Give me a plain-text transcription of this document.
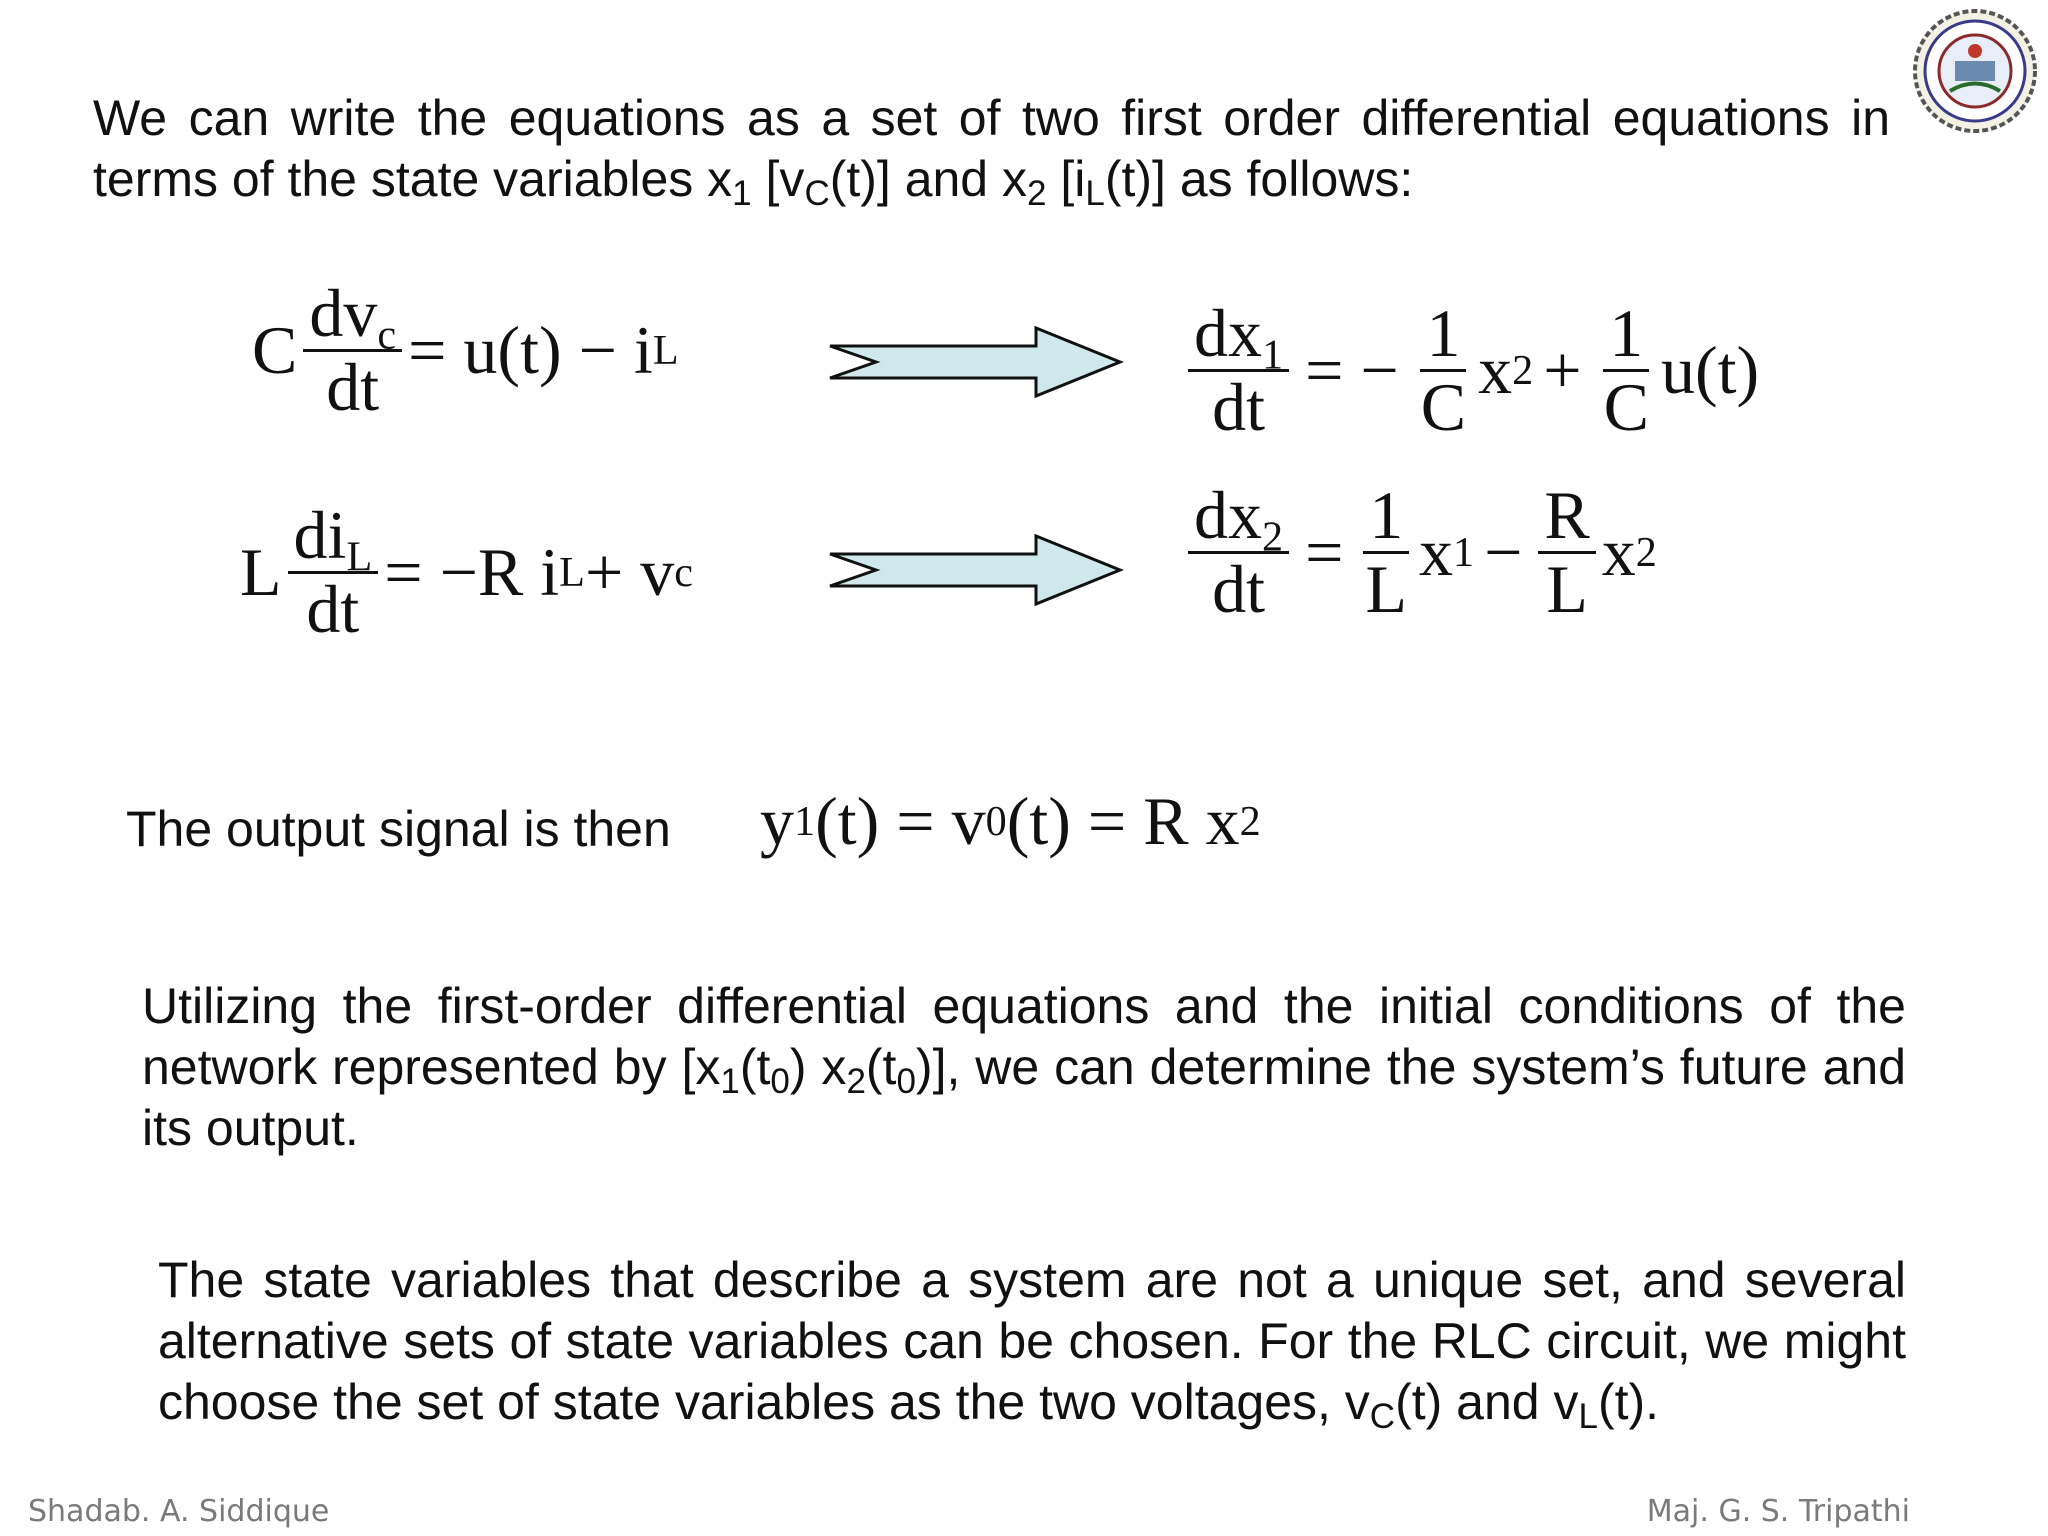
We can write the equations as a set of two first order differential equations in
terms of the state variables $x_1$ $[v_C(t)]$ and $x_2$ $[i_L(t)]$ as follows:
C $\frac{dv_c}{dt} = u(t) - i$ L	$\frac{dx_1}{dt}$ = − $\frac{1}{C}$ x $2 + \frac{1}{C} u(t)$
L $\frac{di_L}{dt} = -R$ i L + v c	$\frac{dx_2}{dt} = \frac{1}{L}$ x $1 - \frac{R}{L}$ x 2
The output signal is then y 1 (t) = v 0 (t) = R x 2
Utilizing the first-order differential equations and the initial conditions of the network represented by [$x_1(t_0)$ $x_2(t_0)$], we can determine the system’s future and its output.
The state variables that describe a system are not a unique set, and several alternative sets of state variables can be chosen. For the RLC circuit, we might choose the set of state variables as the two voltages, $v_C(t)$ and $v_L(t)$.
Shadab. A. Siddique	Maj. G. S. Tripathi
